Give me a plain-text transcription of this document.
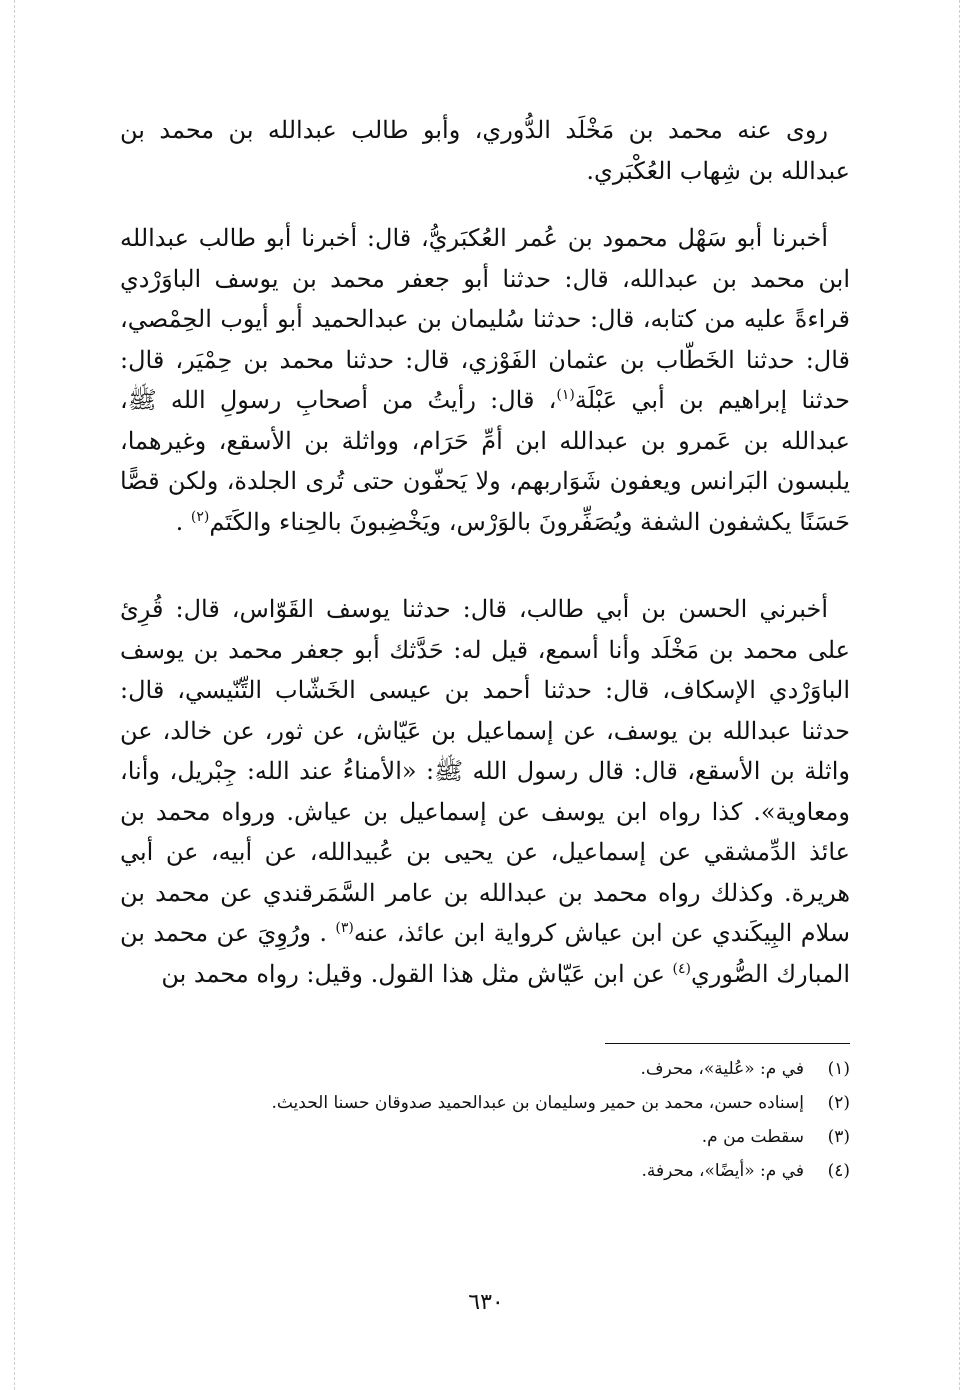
روى عنه محمد بن مَخْلَد الدُّوري، وأبو طالب عبدالله بن محمد بن عبدالله بن شِهاب العُكْبَري.

أخبرنا أبو سَهْل محمود بن عُمر العُكبَريُّ، قال: أخبرنا أبو طالب عبدالله ابن محمد بن عبدالله، قال: حدثنا أبو جعفر محمد بن يوسف الباوَرْدي قراءةً عليه من كتابه، قال: حدثنا سُليمان بن عبدالحميد أبو أيوب الحِمْصي، قال: حدثنا الخَطّاب بن عثمان الفَوْزي، قال: حدثنا محمد بن حِمْيَر، قال: حدثنا إبراهيم بن أبي عَبْلَة$^{(١)}$، قال: رأيتُ من أصحابِ رسولِ الله ﷺ، عبدالله بن عَمرو بن عبدالله ابن أمِّ حَرَام، وواثلة بن الأسقع، وغيرهما، يلبسون البَرانس ويعفون شَوَاربهم، ولا يَحفّون حتى تُرى الجلدة، ولكن قصًّا حَسَنًا يكشفون الشفة ويُصَفِّرونَ بالوَرْس، ويَخْضِبونَ بالحِناء والكَتَم$^{(٢)}$ .

أخبرني الحسن بن أبي طالب، قال: حدثنا يوسف القَوّاس، قال: قُرِئ على محمد بن مَخْلَد وأنا أسمع، قيل له: حَدَّثك أبو جعفر محمد بن يوسف الباوَرْدي الإسكاف، قال: حدثنا أحمد بن عيسى الخَشّاب التِّنّيسي، قال: حدثنا عبدالله بن يوسف، عن إسماعيل بن عَيّاش، عن ثور، عن خالد، عن واثلة بن الأسقع، قال: قال رسول الله ﷺ: «الأمناءُ عند الله: جِبْريل، وأنا، ومعاوية». كذا رواه ابن يوسف عن إسماعيل بن عياش. ورواه محمد بن عائذ الدِّمشقي عن إسماعيل، عن يحيى بن عُبيدالله، عن أبيه، عن أبي هريرة. وكذلك رواه محمد بن عبدالله بن عامر السَّمَرقندي عن محمد بن سلام البِيكَندي عن ابن عياش كرواية ابن عائذ، عنه$^{(٣)}$ . ورُوِيَ عن محمد بن المبارك الصُّوري$^{(٤)}$ عن ابن عَيّاش مثل هذا القول. وقيل: رواه محمد بن

(١)
في م: «عُلية»، محرف.
(٢)
إسناده حسن، محمد بن حمير وسليمان بن عبدالحميد صدوقان حسنا الحديث.
(٣)
سقطت من م.
(٤)
في م: «أيضًا»، محرفة.
٦٣٠
